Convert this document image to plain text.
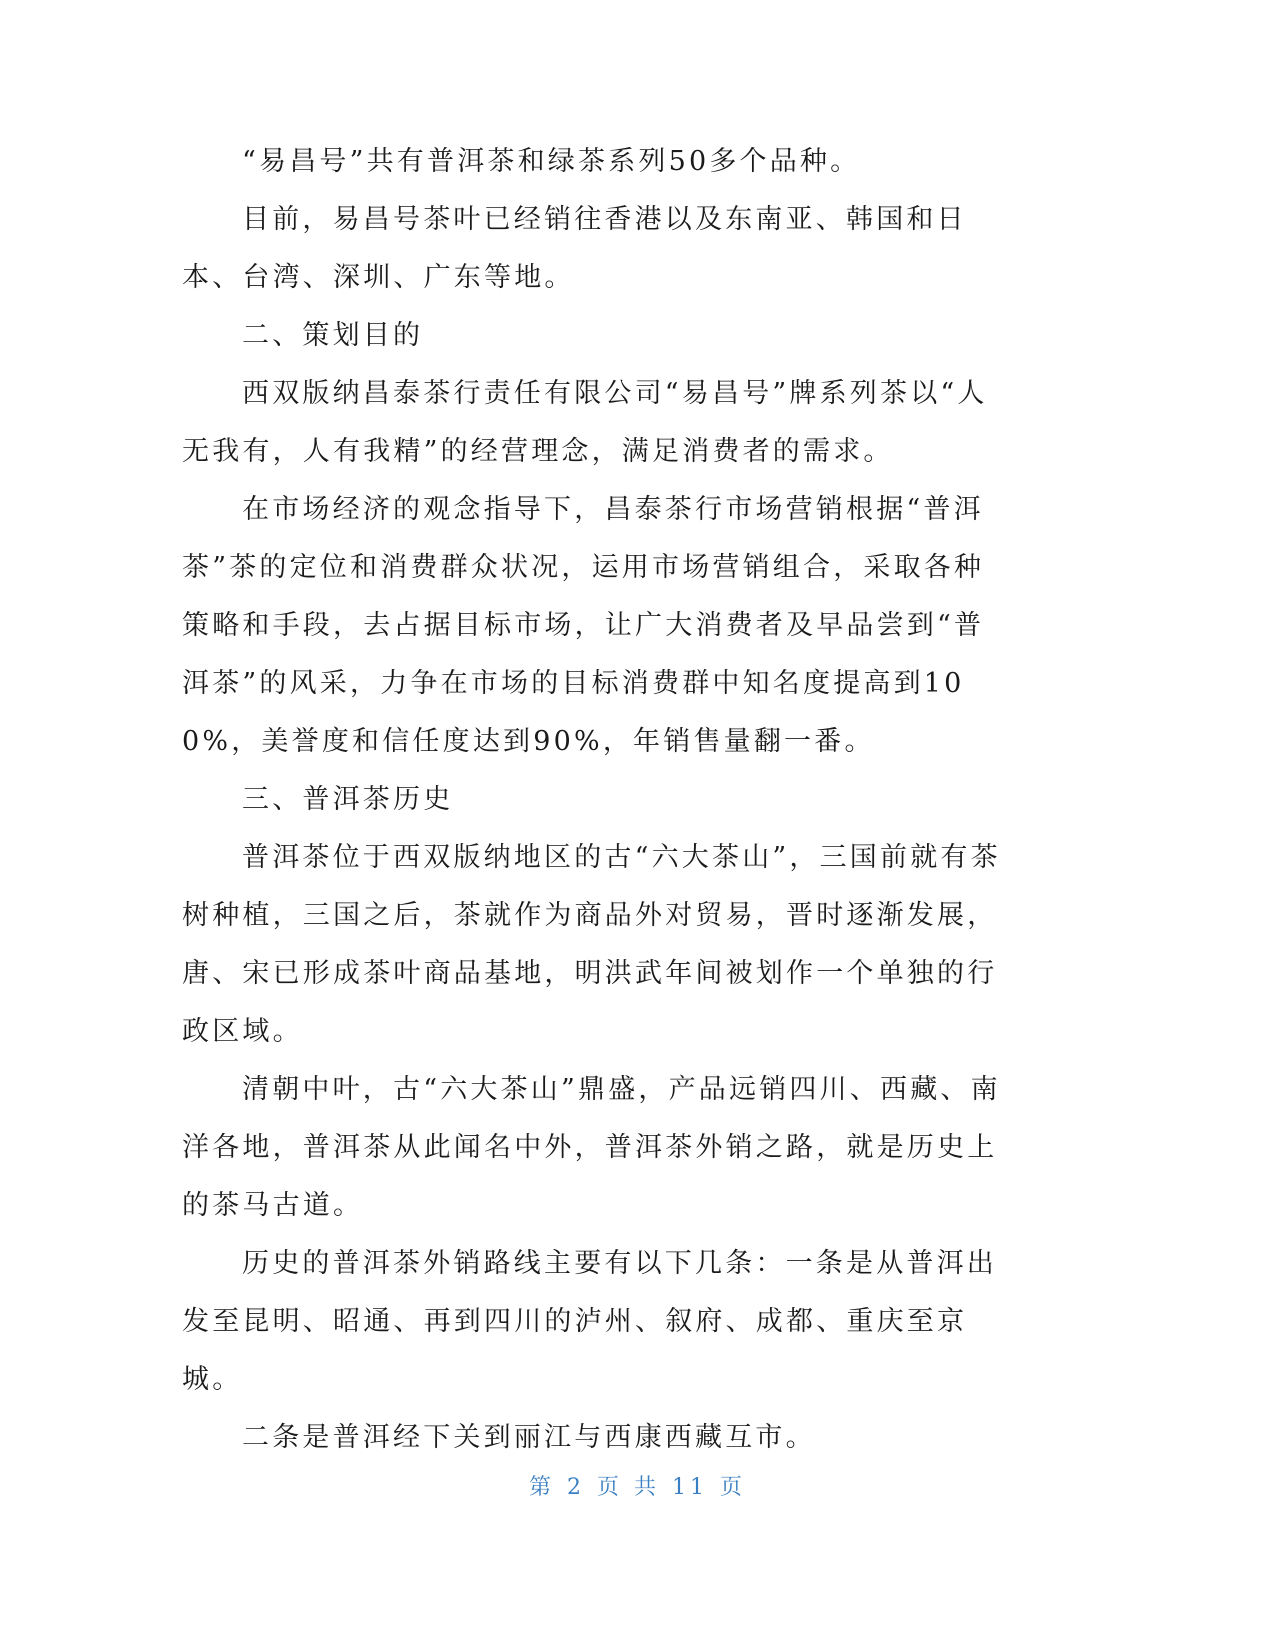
“易昌号”共有普洱茶和绿茶系列50多个品种。

目前，易昌号茶叶已经销往香港以及东南亚、韩国和日本、台湾、深圳、广东等地。

二、策划目的

西双版纳昌泰茶行责任有限公司“易昌号”牌系列茶以“人无我有，人有我精”的经营理念，满足消费者的需求。

在市场经济的观念指导下，昌泰茶行市场营销根据“普洱茶”茶的定位和消费群众状况，运用市场营销组合，采取各种策略和手段，去占据目标市场，让广大消费者及早品尝到“普洱茶”的风采，力争在市场的目标消费群中知名度提高到100%，美誉度和信任度达到90%，年销售量翻一番。

三、普洱茶历史

普洱茶位于西双版纳地区的古“六大茶山”，三国前就有茶树种植，三国之后，茶就作为商品外对贸易，晋时逐渐发展，唐、宋已形成茶叶商品基地，明洪武年间被划作一个单独的行政区域。

清朝中叶，古“六大茶山”鼎盛，产品远销四川、西藏、南洋各地，普洱茶从此闻名中外，普洱茶外销之路，就是历史上的茶马古道。

历史的普洱茶外销路线主要有以下几条：一条是从普洱出发至昆明、昭通、再到四川的泸州、叙府、成都、重庆至京城。

二条是普洱经下关到丽江与西康西藏互市。

第 2 页 共 11 页
